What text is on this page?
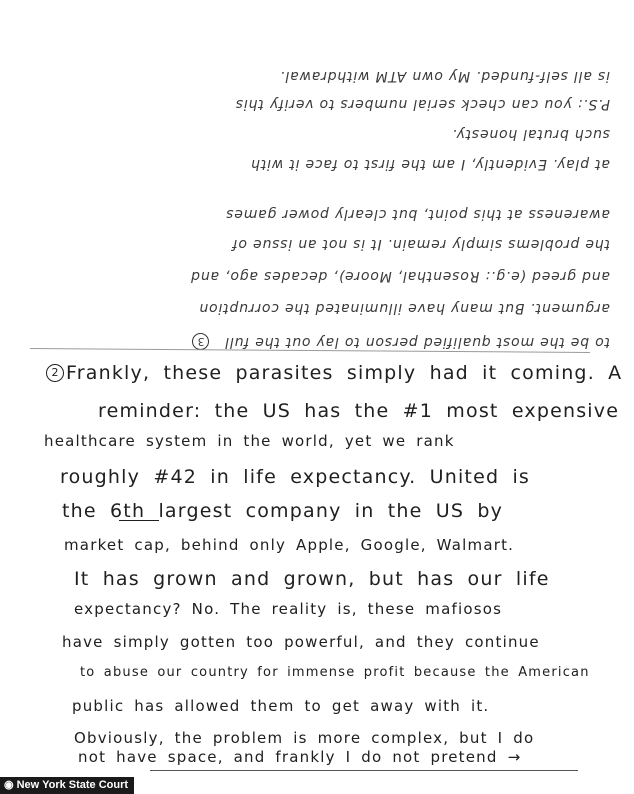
to be the most qualified person to lay out the full 3
argument. But many have illuminated the corruption
and greed (e.g.: Rosenthal, Moore), decades ago, and
the problems simply remain. It is not an issue of
awareness at this point, but clearly power games
at play. Evidently, I am the first to face it with
such brutal honesty.
P.S.: you can check serial numbers to verify this
is all self-funded. My own ATM withdrawal.
2 Frankly, these parasites simply had it coming. A
reminder: the US has the #1 most expensive
healthcare system in the world, yet we rank
roughly #42 in life expectancy. United is
the 6th largest company in the US by
market cap, behind only Apple, Google, Walmart.
It has grown and grown, but has our life
expectancy? No. The reality is, these mafiosos
have simply gotten too powerful, and they continue
to abuse our country for immense profit because the American
public has allowed them to get away with it.
Obviously, the problem is more complex, but I do
not have space, and frankly I do not pretend →
◉ New York State Court
